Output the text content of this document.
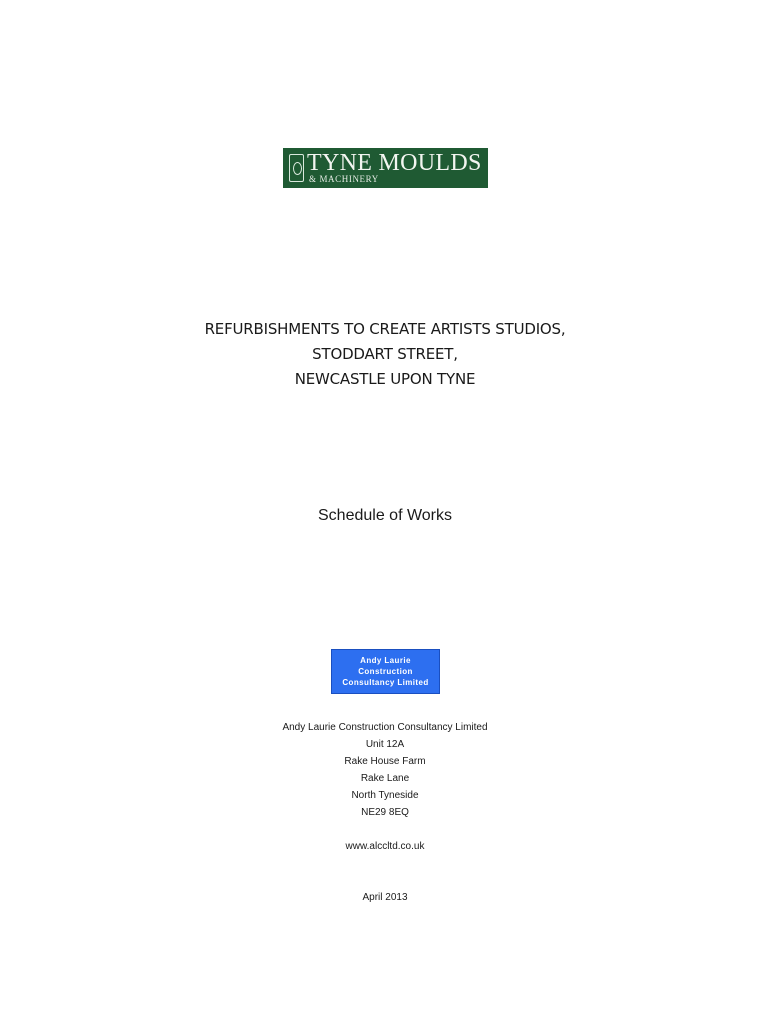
TYNE MOULDS
& MACHINERY
REFURBISHMENTS TO CREATE ARTISTS STUDIOS,
STODDART STREET,
NEWCASTLE UPON TYNE
Schedule of Works
Andy Laurie
Construction
Consultancy Limited
Andy Laurie Construction Consultancy Limited
Unit 12A
Rake House Farm
Rake Lane
North Tyneside
NE29 8EQ
www.alccltd.co.uk
April 2013
